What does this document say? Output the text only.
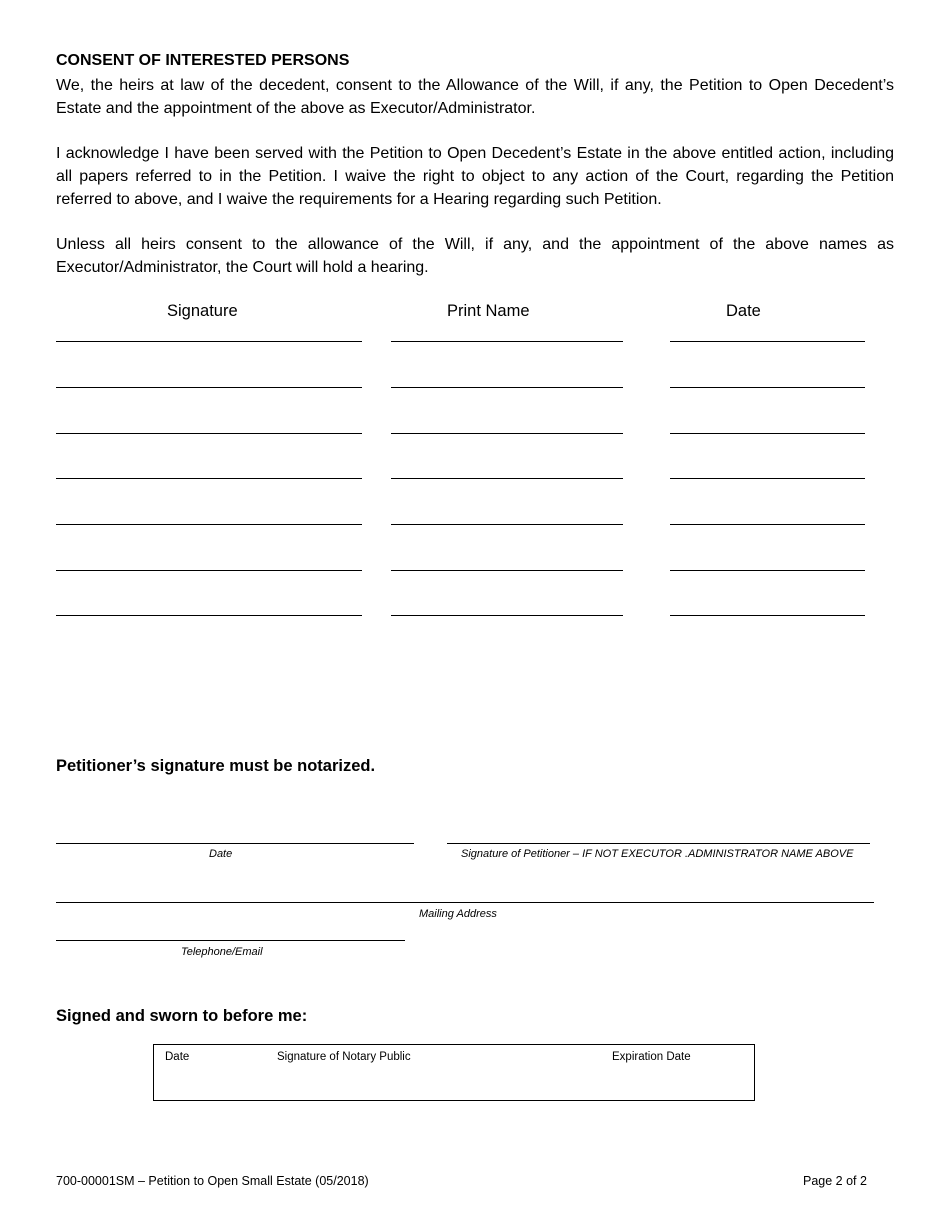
CONSENT OF INTERESTED PERSONS
We, the heirs at law of the decedent, consent to the Allowance of the Will, if any, the Petition to Open Decedent’s Estate and the appointment of the above as Executor/Administrator.
I acknowledge I have been served with the Petition to Open Decedent’s Estate in the above entitled action, including all papers referred to in the Petition. I waive the right to object to any action of the Court, regarding the Petition referred to above, and I waive the requirements for a Hearing regarding such Petition.
Unless all heirs consent to the allowance of the Will, if any, and the appointment of the above names as Executor/Administrator, the Court will hold a hearing.
Signature	Print Name	Date
Petitioner’s signature must be notarized.
Date	Signature of Petitioner – IF NOT EXECUTOR .ADMINISTRATOR NAME ABOVE
Mailing Address
Telephone/Email
Signed and sworn to before me:
Date	Signature of Notary Public	Expiration Date
700-00001SM – Petition to Open Small Estate (05/2018)	Page 2 of 2
